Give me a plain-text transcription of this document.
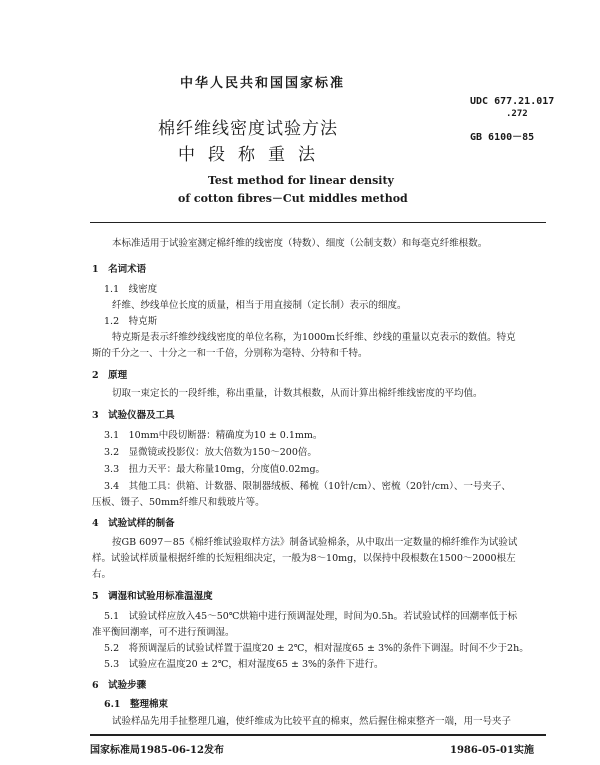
中华人民共和国国家标准
棉纤维线密度试验方法
中段称重法
UDC 677.21.017
.272
GB 6100－85
Test method for linear density
of cotton fibres－Cut middles method
本标准适用于试验室测定棉纤维的线密度（特数）、细度（公制支数）和每毫克纤维根数。
1　名词术语
1.1　线密度
纤维、纱线单位长度的质量，相当于用直接制（定长制）表示的细度。
1.2　特克斯
特克斯是表示纤维纱线线密度的单位名称，为1000m长纤维、纱线的重量以克表示的数值。特克
斯的千分之一、十分之一和一千倍，分别称为毫特、分特和千特。
2　原理
切取一束定长的一段纤维，称出重量，计数其根数，从而计算出棉纤维线密度的平均值。
3　试验仪器及工具
3.1　10mm中段切断器：精确度为10 ± 0.1mm。
3.2　显微镜或投影仪：放大倍数为150～200倍。
3.3　扭力天平：最大称量10mg，分度值0.02mg。
3.4　其他工具：供箱、计数器、限制器绒板、稀梳（10针/cm）、密梳（20针/cm）、一号夹子、
压板、镊子、50mm纤维尺和载玻片等。
4　试验试样的制备
按GB 6097－85《棉纤维试验取样方法》制备试验棉条，从中取出一定数量的棉纤维作为试验试
样。试验试样质量根据纤维的长短粗细决定，一般为8～10mg，以保持中段根数在1500～2000根左
右。
5　调湿和试验用标准温湿度
5.1　试验试样应放入45～50℃烘箱中进行预调湿处理，时间为0.5h。若试验试样的回潮率低于标
准平衡回潮率，可不进行预调湿。
5.2　将预调湿后的试验试样置于温度20 ± 2℃，相对湿度65 ± 3%的条件下调湿。时间不少于2h。
5.3　试验应在温度20 ± 2℃，相对湿度65 ± 3%的条件下进行。
6　试验步骤
6.1　整理棉束
试验样品先用手扯整理几遍，使纤维成为比较平直的棉束，然后握住棉束整齐一端，用一号夹子
国家标准局1985-06-12发布	1986-05-01实施
